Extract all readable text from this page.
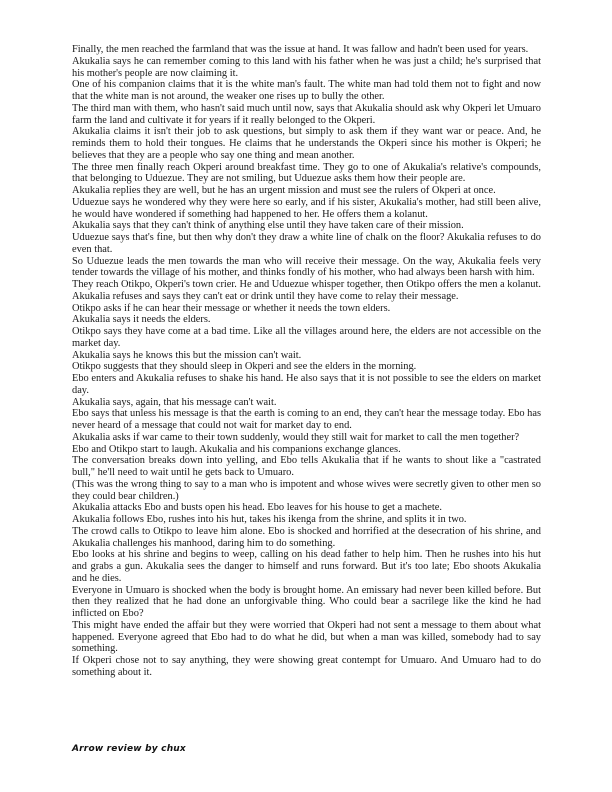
Finally, the men reached the farmland that was the issue at hand. It was fallow and hadn't been used for years.

Akukalia says he can remember coming to this land with his father when he was just a child; he's surprised that his mother's people are now claiming it.

One of his companion claims that it is the white man's fault. The white man had told them not to fight and now that the white man is not around, the weaker one rises up to bully the other.

The third man with them, who hasn't said much until now, says that Akukalia should ask why Okperi let Umuaro farm the land and cultivate it for years if it really belonged to the Okperi.

Akukalia claims it isn't their job to ask questions, but simply to ask them if they want war or peace. And, he reminds them to hold their tongues. He claims that he understands the Okperi since his mother is Okperi; he believes that they are a people who say one thing and mean another.

The three men finally reach Okperi around breakfast time. They go to one of Akukalia's relative's compounds, that belonging to Uduezue. They are not smiling, but Uduezue asks them how their people are.

Akukalia replies they are well, but he has an urgent mission and must see the rulers of Okperi at once.

Uduezue says he wondered why they were here so early, and if his sister, Akukalia's mother, had still been alive, he would have wondered if something had happened to her. He offers them a kolanut.

Akukalia says that they can't think of anything else until they have taken care of their mission.

Uduezue says that's fine, but then why don't they draw a white line of chalk on the floor? Akukalia refuses to do even that.

So Uduezue leads the men towards the man who will receive their message. On the way, Akukalia feels very tender towards the village of his mother, and thinks fondly of his mother, who had always been harsh with him.

They reach Otikpo, Okperi's town crier. He and Uduezue whisper together, then Otikpo offers the men a kolanut.

Akukalia refuses and says they can't eat or drink until they have come to relay their message.

Otikpo asks if he can hear their message or whether it needs the town elders.

Akukalia says it needs the elders.

Otikpo says they have come at a bad time. Like all the villages around here, the elders are not accessible on the market day.

Akukalia says he knows this but the mission can't wait.

Otikpo suggests that they should sleep in Okperi and see the elders in the morning.

Ebo enters and Akukalia refuses to shake his hand. He also says that it is not possible to see the elders on market day.

Akukalia says, again, that his message can't wait.

Ebo says that unless his message is that the earth is coming to an end, they can't hear the message today. Ebo has never heard of a message that could not wait for market day to end.

Akukalia asks if war came to their town suddenly, would they still wait for market to call the men together?

Ebo and Otikpo start to laugh. Akukalia and his companions exchange glances.

The conversation breaks down into yelling, and Ebo tells Akukalia that if he wants to shout like a "castrated bull," he'll need to wait until he gets back to Umuaro.

(This was the wrong thing to say to a man who is impotent and whose wives were secretly given to other men so they could bear children.)

Akukalia attacks Ebo and busts open his head. Ebo leaves for his house to get a machete.

Akukalia follows Ebo, rushes into his hut, takes his ikenga from the shrine, and splits it in two.

The crowd calls to Otikpo to leave him alone. Ebo is shocked and horrified at the desecration of his shrine, and Akukalia challenges his manhood, daring him to do something.

Ebo looks at his shrine and begins to weep, calling on his dead father to help him. Then he rushes into his hut and grabs a gun. Akukalia sees the danger to himself and runs forward. But it's too late; Ebo shoots Akukalia and he dies.

Everyone in Umuaro is shocked when the body is brought home. An emissary had never been killed before. But then they realized that he had done an unforgivable thing. Who could bear a sacrilege like the kind he had inflicted on Ebo?

This might have ended the affair but they were worried that Okperi had not sent a message to them about what happened. Everyone agreed that Ebo had to do what he did, but when a man was killed, somebody had to say something.

If Okperi chose not to say anything, they were showing great contempt for Umuaro. And Umuaro had to do something about it.

Arrow review by chux
